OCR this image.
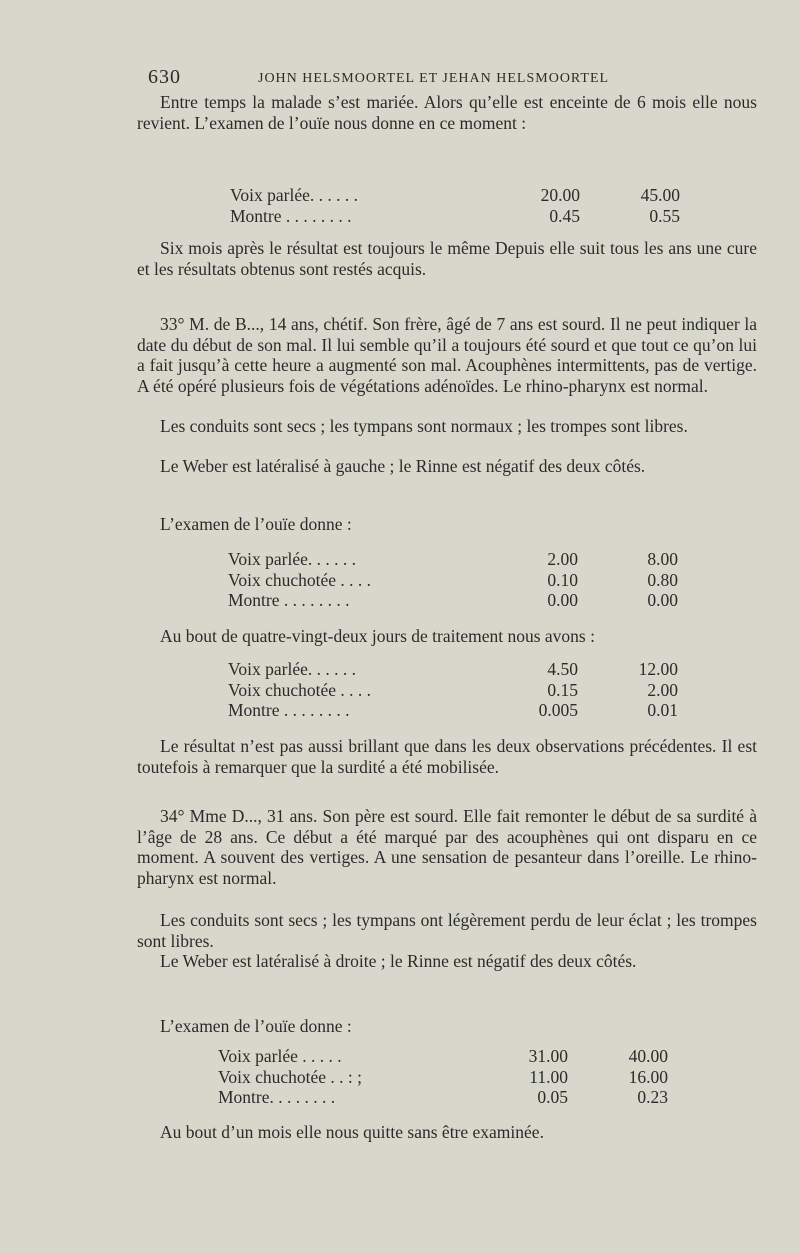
630	JOHN HELSMOORTEL ET JEHAN HELSMOORTEL

Entre temps la malade s’est mariée. Alors qu’elle est enceinte de 6 mois elle nous revient. L’examen de l’ouïe nous donne en ce moment :

Voix parlée. . . . . .	20.00	45.00
Montre . . . . . . . .	0.45	0.55

Six mois après le résultat est toujours le même Depuis elle suit tous les ans une cure et les résultats obtenus sont restés acquis.

33° M. de B..., 14 ans, chétif. Son frère, âgé de 7 ans est sourd. Il ne peut indiquer la date du début de son mal. Il lui semble qu’il a toujours été sourd et que tout ce qu’on lui a fait jusqu’à cette heure a augmenté son mal. Acouphènes intermittents, pas de vertige. A été opéré plusieurs fois de végétations adénoïdes. Le rhino-pharynx est normal.

Les conduits sont secs ; les tympans sont normaux ; les trompes sont libres.

Le Weber est latéralisé à gauche ; le Rinne est négatif des deux côtés.

L’examen de l’ouïe donne :

Voix parlée. . . . . .	2.00	8.00
Voix chuchotée . . . .	0.10	0.80
Montre . . . . . . . .	0.00	0.00

Au bout de quatre-vingt-deux jours de traitement nous avons :

Voix parlée. . . . . .	4.50	12.00
Voix chuchotée . . . .	0.15	2.00
Montre . . . . . . . .	0.005	0.01

Le résultat n’est pas aussi brillant que dans les deux observations précédentes. Il est toutefois à remarquer que la surdité a été mobilisée.

34° Mme D..., 31 ans. Son père est sourd. Elle fait remonter le début de sa surdité à l’âge de 28 ans. Ce début a été marqué par des acouphènes qui ont disparu en ce moment. A souvent des vertiges. A une sensation de pesanteur dans l’oreille. Le rhino-pharynx est normal.

Les conduits sont secs ; les tympans ont légèrement perdu de leur éclat ; les trompes sont libres.

Le Weber est latéralisé à droite ; le Rinne est négatif des deux côtés.

L’examen de l’ouïe donne :

Voix parlée . . . . .	31.00	40.00
Voix chuchotée . . : ;	11.00	16.00
Montre. . . . . . . .	0.05	0.23

Au bout d’un mois elle nous quitte sans être examinée.
